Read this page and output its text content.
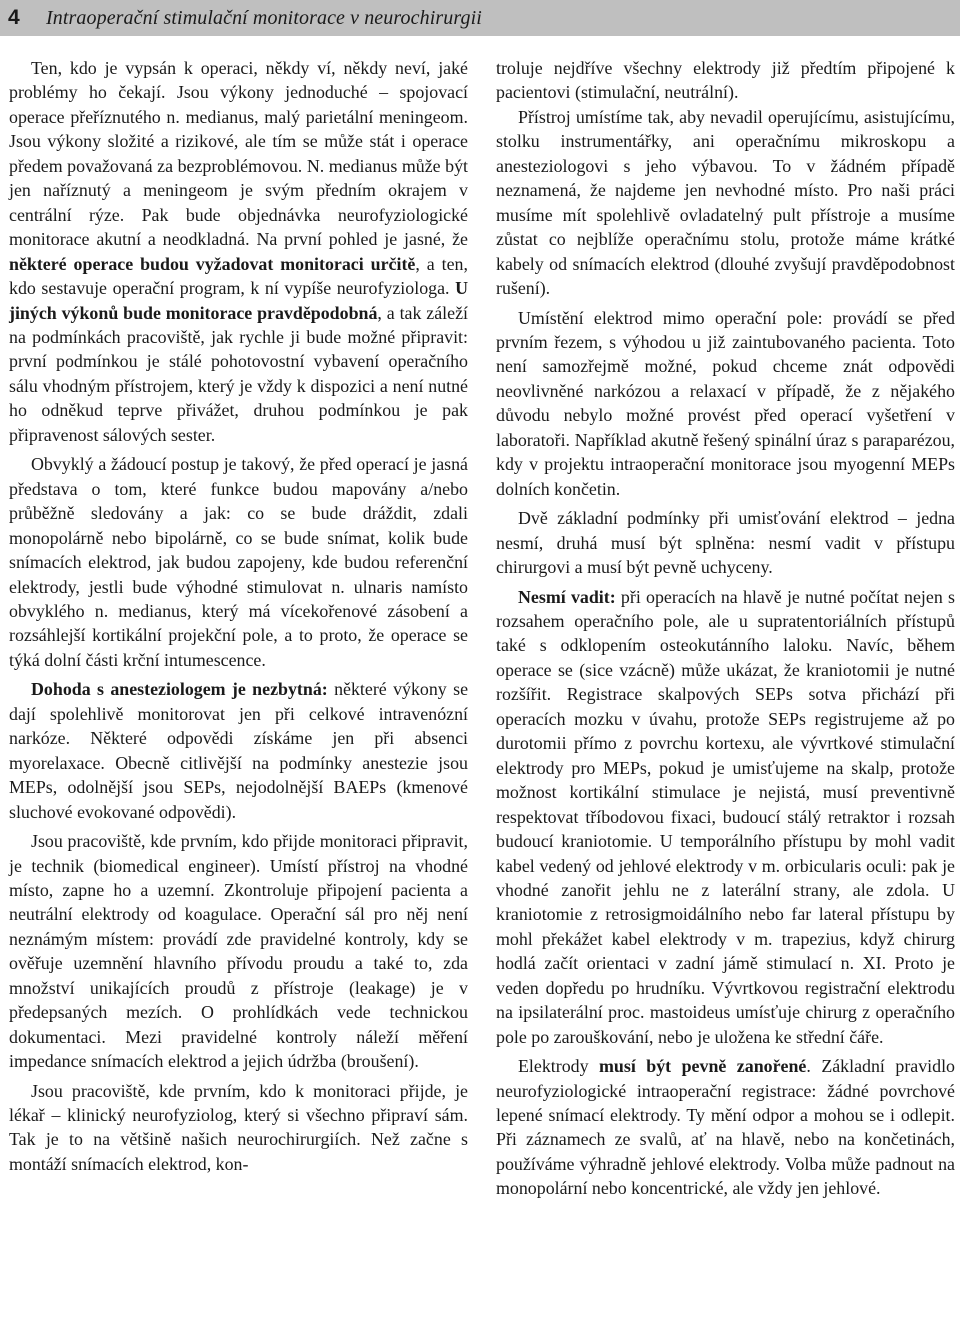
4	Intraoperační stimulační monitorace v neurochirurgii

Ten, kdo je vypsán k operaci, někdy ví, někdy neví, jaké problémy ho čekají. Jsou výkony jednoduché – spojovací operace přeříznutého n. medianus, malý parietální meningeom. Jsou výkony složité a rizikové, ale tím se může stát i operace předem považovaná za bezproblémovou. N. medianus může být jen naříznutý a meningeom je svým předním okrajem v centrální rýze. Pak bude objednávka neurofyziologické monitorace akutní a neodkladná. Na první pohled je jasné, že některé operace budou vyžadovat monitoraci určitě, a ten, kdo sestavuje operační program, k ní vypíše neurofyziologa. U jiných výkonů bude monitorace pravděpodobná, a tak záleží na podmínkách pracoviště, jak rychle ji bude možné připravit: první podmínkou je stálé pohotovostní vybavení operačního sálu vhodným přístrojem, který je vždy k dispozici a není nutné ho odněkud teprve přivážet, druhou podmínkou je pak připravenost sálových sester.

Obvyklý a žádoucí postup je takový, že před operací je jasná představa o tom, které funkce budou mapovány a/nebo průběžně sledovány a jak: co se bude dráždit, zdali monopolárně nebo bipolárně, co se bude snímat, kolik bude snímacích elektrod, jak budou zapojeny, kde budou referenční elektrody, jestli bude výhodné stimulovat n. ulnaris namísto obvyklého n. medianus, který má vícekořenové zásobení a rozsáhlejší kortikální projekční pole, a to proto, že operace se týká dolní části krční intumescence.

Dohoda s anesteziologem je nezbytná: některé výkony se dají spolehlivě monitorovat jen při celkové intravenózní narkóze. Některé odpovědi získáme jen při absenci myorelaxace. Obecně citlivější na podmínky anestezie jsou MEPs, odolnější jsou SEPs, nejodolnější BAEPs (kmenové sluchové evokované odpovědi).

Jsou pracoviště, kde prvním, kdo přijde monitoraci připravit, je technik (biomedical engineer). Umístí přístroj na vhodné místo, zapne ho a uzemní. Zkontroluje připojení pacienta a neutrální elektrody od koagulace. Operační sál pro něj není neznámým místem: provádí zde pravidelné kontroly, kdy se ověřuje uzemnění hlavního přívodu proudu a také to, zda množství unikajících proudů z přístroje (leakage) je v předepsaných mezích. O prohlídkách vede technickou dokumentaci. Mezi pravidelné kontroly náleží měření impedance snímacích elektrod a jejich údržba (broušení).

Jsou pracoviště, kde prvním, kdo k monitoraci přijde, je lékař – klinický neurofyziolog, který si všechno připraví sám. Tak je to na většině našich neurochirurgiích. Než začne s montáží snímacích elektrod, kon-

troluje nejdříve všechny elektrody již předtím připojené k pacientovi (stimulační, neutrální).

Přístroj umístíme tak, aby nevadil operujícímu, asistujícímu, stolku instrumentářky, ani operačnímu mikroskopu a anesteziologovi s jeho výbavou. To v žádném případě neznamená, že najdeme jen nevhodné místo. Pro naši práci musíme mít spolehlivě ovladatelný pult přístroje a musíme zůstat co nejblíže operačnímu stolu, protože máme krátké kabely od snímacích elektrod (dlouhé zvyšují pravděpodobnost rušení).

Umístění elektrod mimo operační pole: provádí se před prvním řezem, s výhodou u již zaintubovaného pacienta. Toto není samozřejmě možné, pokud chceme znát odpovědi neovlivněné narkózou a relaxací v případě, že z nějakého důvodu nebylo možné provést před operací vyšetření v laboratoři. Například akutně řešený spinální úraz s paraparézou, kdy v projektu intraoperační monitorace jsou myogenní MEPs dolních končetin.

Dvě základní podmínky při umisťování elektrod – jedna nesmí, druhá musí být splněna: nesmí vadit v přístupu chirurgovi a musí být pevně uchyceny.

Nesmí vadit: při operacích na hlavě je nutné počítat nejen s rozsahem operačního pole, ale u supratentoriálních přístupů také s odklopením osteokutánního laloku. Navíc, během operace se (sice vzácně) může ukázat, že kraniotomii je nutné rozšířit. Registrace skalpových SEPs sotva přichází při operacích mozku v úvahu, protože SEPs registrujeme až po durotomii přímo z povrchu kortexu, ale vývrtkové stimulační elektrody pro MEPs, pokud je umisťujeme na skalp, protože možnost kortikální stimulace je nejistá, musí preventivně respektovat tříbodovou fixaci, budoucí stálý retraktor i rozsah budoucí kraniotomie. U temporálního přístupu by mohl vadit kabel vedený od jehlové elektrody v m. orbicularis oculi: pak je vhodné zanořit jehlu ne z laterální strany, ale zdola. U kraniotomie z retrosigmoidálního nebo far lateral přístupu by mohl překážet kabel elektrody v m. trapezius, když chirurg hodlá začít orientaci v zadní jámě stimulací n. XI. Proto je veden dopředu po hrudníku. Vývrtkovou registrační elektrodu na ipsilaterální proc. mastoideus umísťuje chirurg z operačního pole po zarouškování, nebo je uložena ke střední čáře.

Elektrody musí být pevně zanořené. Základní pravidlo neurofyziologické intraoperační registrace: žádné povrchové lepené snímací elektrody. Ty mění odpor a mohou se i odlepit. Při záznamech ze svalů, ať na hlavě, nebo na končetinách, používáme výhradně jehlové elektrody. Volba může padnout na monopolární nebo koncentrické, ale vždy jen jehlové.
